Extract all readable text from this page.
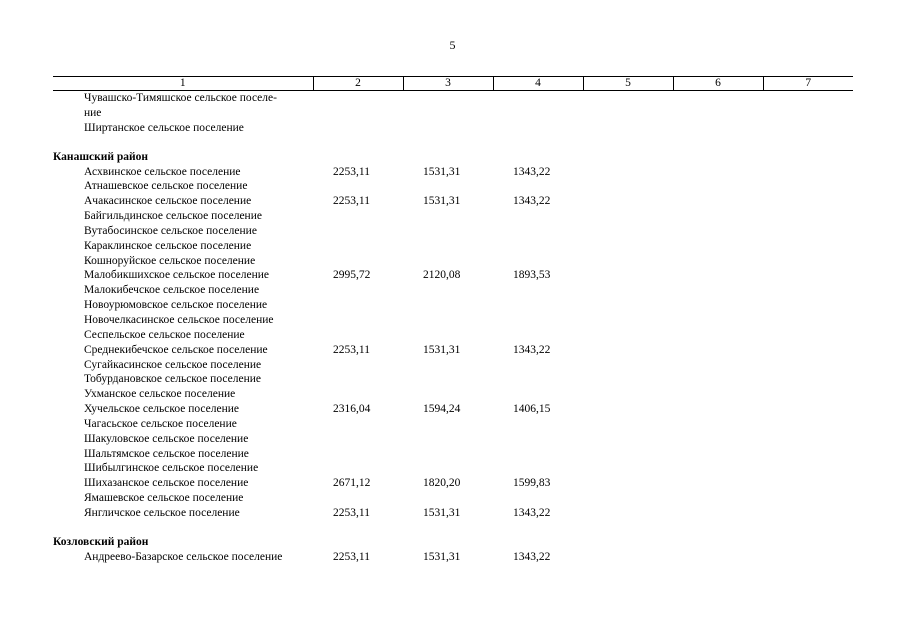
5
1	2	3	4	5	6	7
Чувашско-Тимяшское сельское поселе-						
ние						
Ширтанское сельское поселение						
Канашский район						
Асхвинское сельское поселение	2253,11	1531,31	1343,22			
Атнашевское сельское поселение						
Ачакасинское сельское поселение	2253,11	1531,31	1343,22			
Байгильдинское сельское поселение						
Вутабосинское сельское поселение						
Караклинское сельское поселение						
Кошноруйское сельское поселение						
Малобикшихское сельское поселение	2995,72	2120,08	1893,53			
Малокибечское сельское поселение						
Новоурюмовское сельское поселение						
Новочелкасинское сельское поселение						
Сеспельское сельское поселение						
Среднекибечское сельское поселение	2253,11	1531,31	1343,22			
Сугайкасинское сельское поселение						
Тобурдановское сельское поселение						
Ухманское сельское поселение						
Хучельское сельское поселение	2316,04	1594,24	1406,15			
Чагасьское сельское поселение						
Шакуловское сельское поселение						
Шальтямское сельское поселение						
Шибылгинское сельское поселение						
Шихазанское сельское поселение	2671,12	1820,20	1599,83			
Ямашевское сельское поселение						
Янгличское сельское поселение	2253,11	1531,31	1343,22			
Козловский район						
Андреево-Базарское сельское поселение	2253,11	1531,31	1343,22			
